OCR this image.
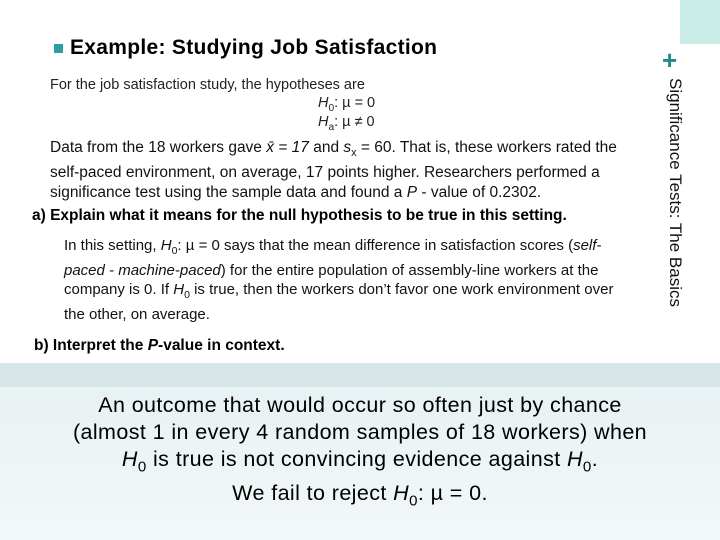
+
Example: Studying Job Satisfaction
Significance Tests: The Basics
For the job satisfaction study, the hypotheses are
$H_0$: µ = 0
$H_a$: µ ≠ 0
Data from the 18 workers gave x̄ = 17 and $s_x = 60$. That is, these workers rated the self-paced environment, on average, 17 points higher. Researchers performed a significance test using the sample data and found a P - value of 0.2302.
a) Explain what it means for the null hypothesis to be true in this setting.
In this setting, $H_0$: µ = 0 says that the mean difference in satisfaction scores (self-paced - machine-paced) for the entire population of assembly-line workers at the company is 0. If $H_0$ is true, then the workers don’t favor one work environment over the other, on average.
b) Interpret the P-value in context.
An outcome that would occur so often just by chance
(almost 1 in every 4 random samples of 18 workers) when
$H_0$ is true is not convincing evidence against $H_0$.
We fail to reject $H_0$: µ = 0.
